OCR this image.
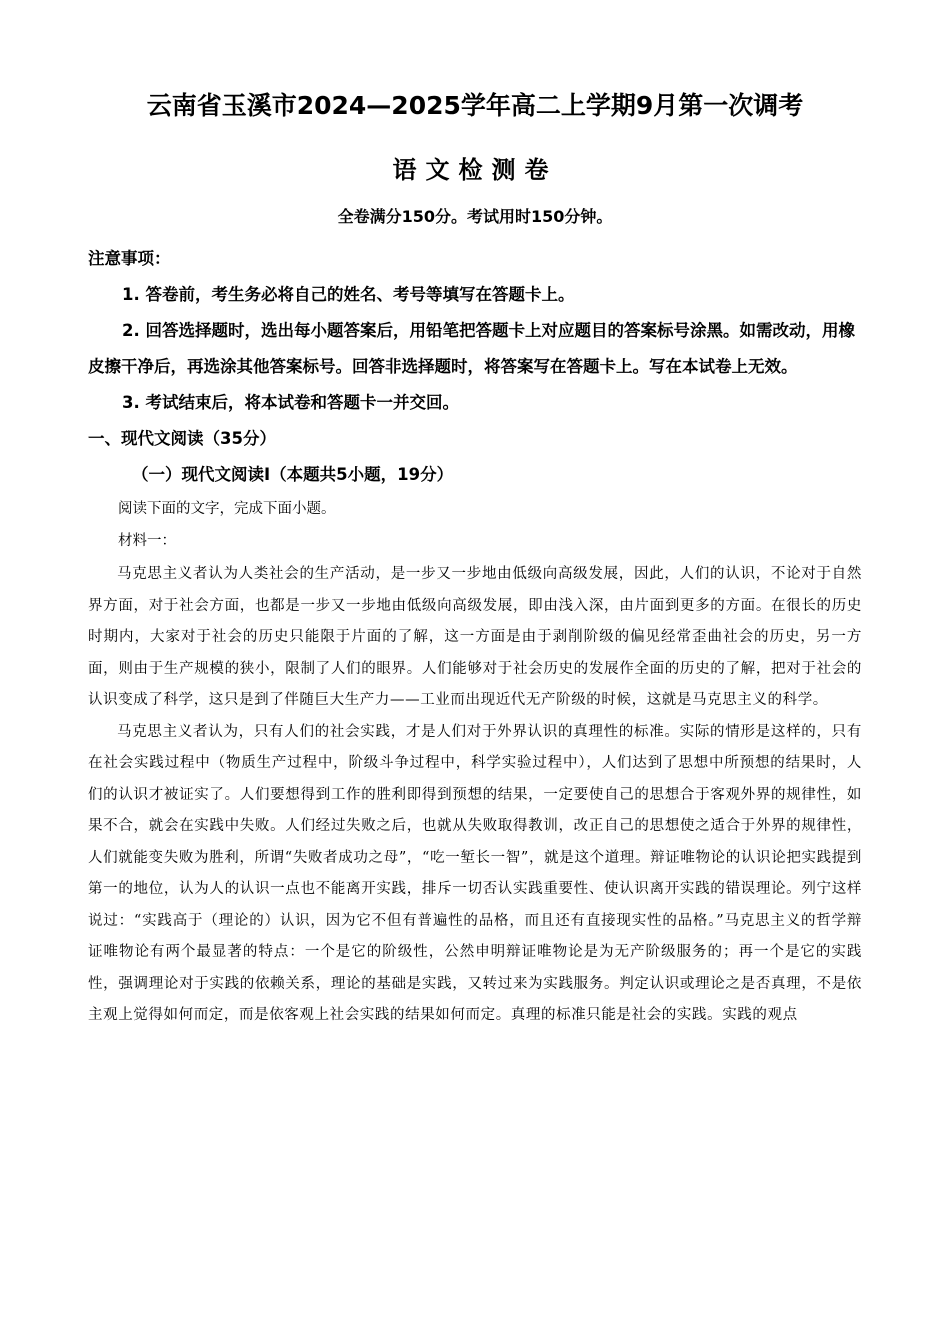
云南省玉溪市2024—2025学年高二上学期9月第一次调考
语文检测卷

全卷满分150分。考试用时150分钟。

注意事项：

1. 答卷前，考生务必将自己的姓名、考号等填写在答题卡上。

2. 回答选择题时，选出每小题答案后，用铅笔把答题卡上对应题目的答案标号涂黑。如需改动，用橡皮擦干净后，再选涂其他答案标号。回答非选择题时，将答案写在答题卡上。写在本试卷上无效。

3. 考试结束后，将本试卷和答题卡一并交回。

一、现代文阅读（35分）

（一）现代文阅读Ⅰ（本题共5小题，19分）

阅读下面的文字，完成下面小题。

材料一：

马克思主义者认为人类社会的生产活动，是一步又一步地由低级向高级发展，因此，人们的认识，不论对于自然界方面，对于社会方面，也都是一步又一步地由低级向高级发展，即由浅入深，由片面到更多的方面。在很长的历史时期内，大家对于社会的历史只能限于片面的了解，这一方面是由于剥削阶级的偏见经常歪曲社会的历史，另一方面，则由于生产规模的狭小，限制了人们的眼界。人们能够对于社会历史的发展作全面的历史的了解，把对于社会的认识变成了科学，这只是到了伴随巨大生产力——工业而出现近代无产阶级的时候，这就是马克思主义的科学。

马克思主义者认为，只有人们的社会实践，才是人们对于外界认识的真理性的标准。实际的情形是这样的，只有在社会实践过程中（物质生产过程中，阶级斗争过程中，科学实验过程中），人们达到了思想中所预想的结果时，人们的认识才被证实了。人们要想得到工作的胜利即得到预想的结果，一定要使自己的思想合于客观外界的规律性，如果不合，就会在实践中失败。人们经过失败之后，也就从失败取得教训，改正自己的思想使之适合于外界的规律性，人们就能变失败为胜利，所谓“失败者成功之母”，“吃一堑长一智”，就是这个道理。辩证唯物论的认识论把实践提到第一的地位，认为人的认识一点也不能离开实践，排斥一切否认实践重要性、使认识离开实践的错误理论。列宁这样说过：“实践高于（理论的）认识，因为它不但有普遍性的品格，而且还有直接现实性的品格。”马克思主义的哲学辩证唯物论有两个最显著的特点：一个是它的阶级性，公然申明辩证唯物论是为无产阶级服务的；再一个是它的实践性，强调理论对于实践的依赖关系，理论的基础是实践，又转过来为实践服务。判定认识或理论之是否真理，不是依主观上觉得如何而定，而是依客观上社会实践的结果如何而定。真理的标准只能是社会的实践。实践的观点
